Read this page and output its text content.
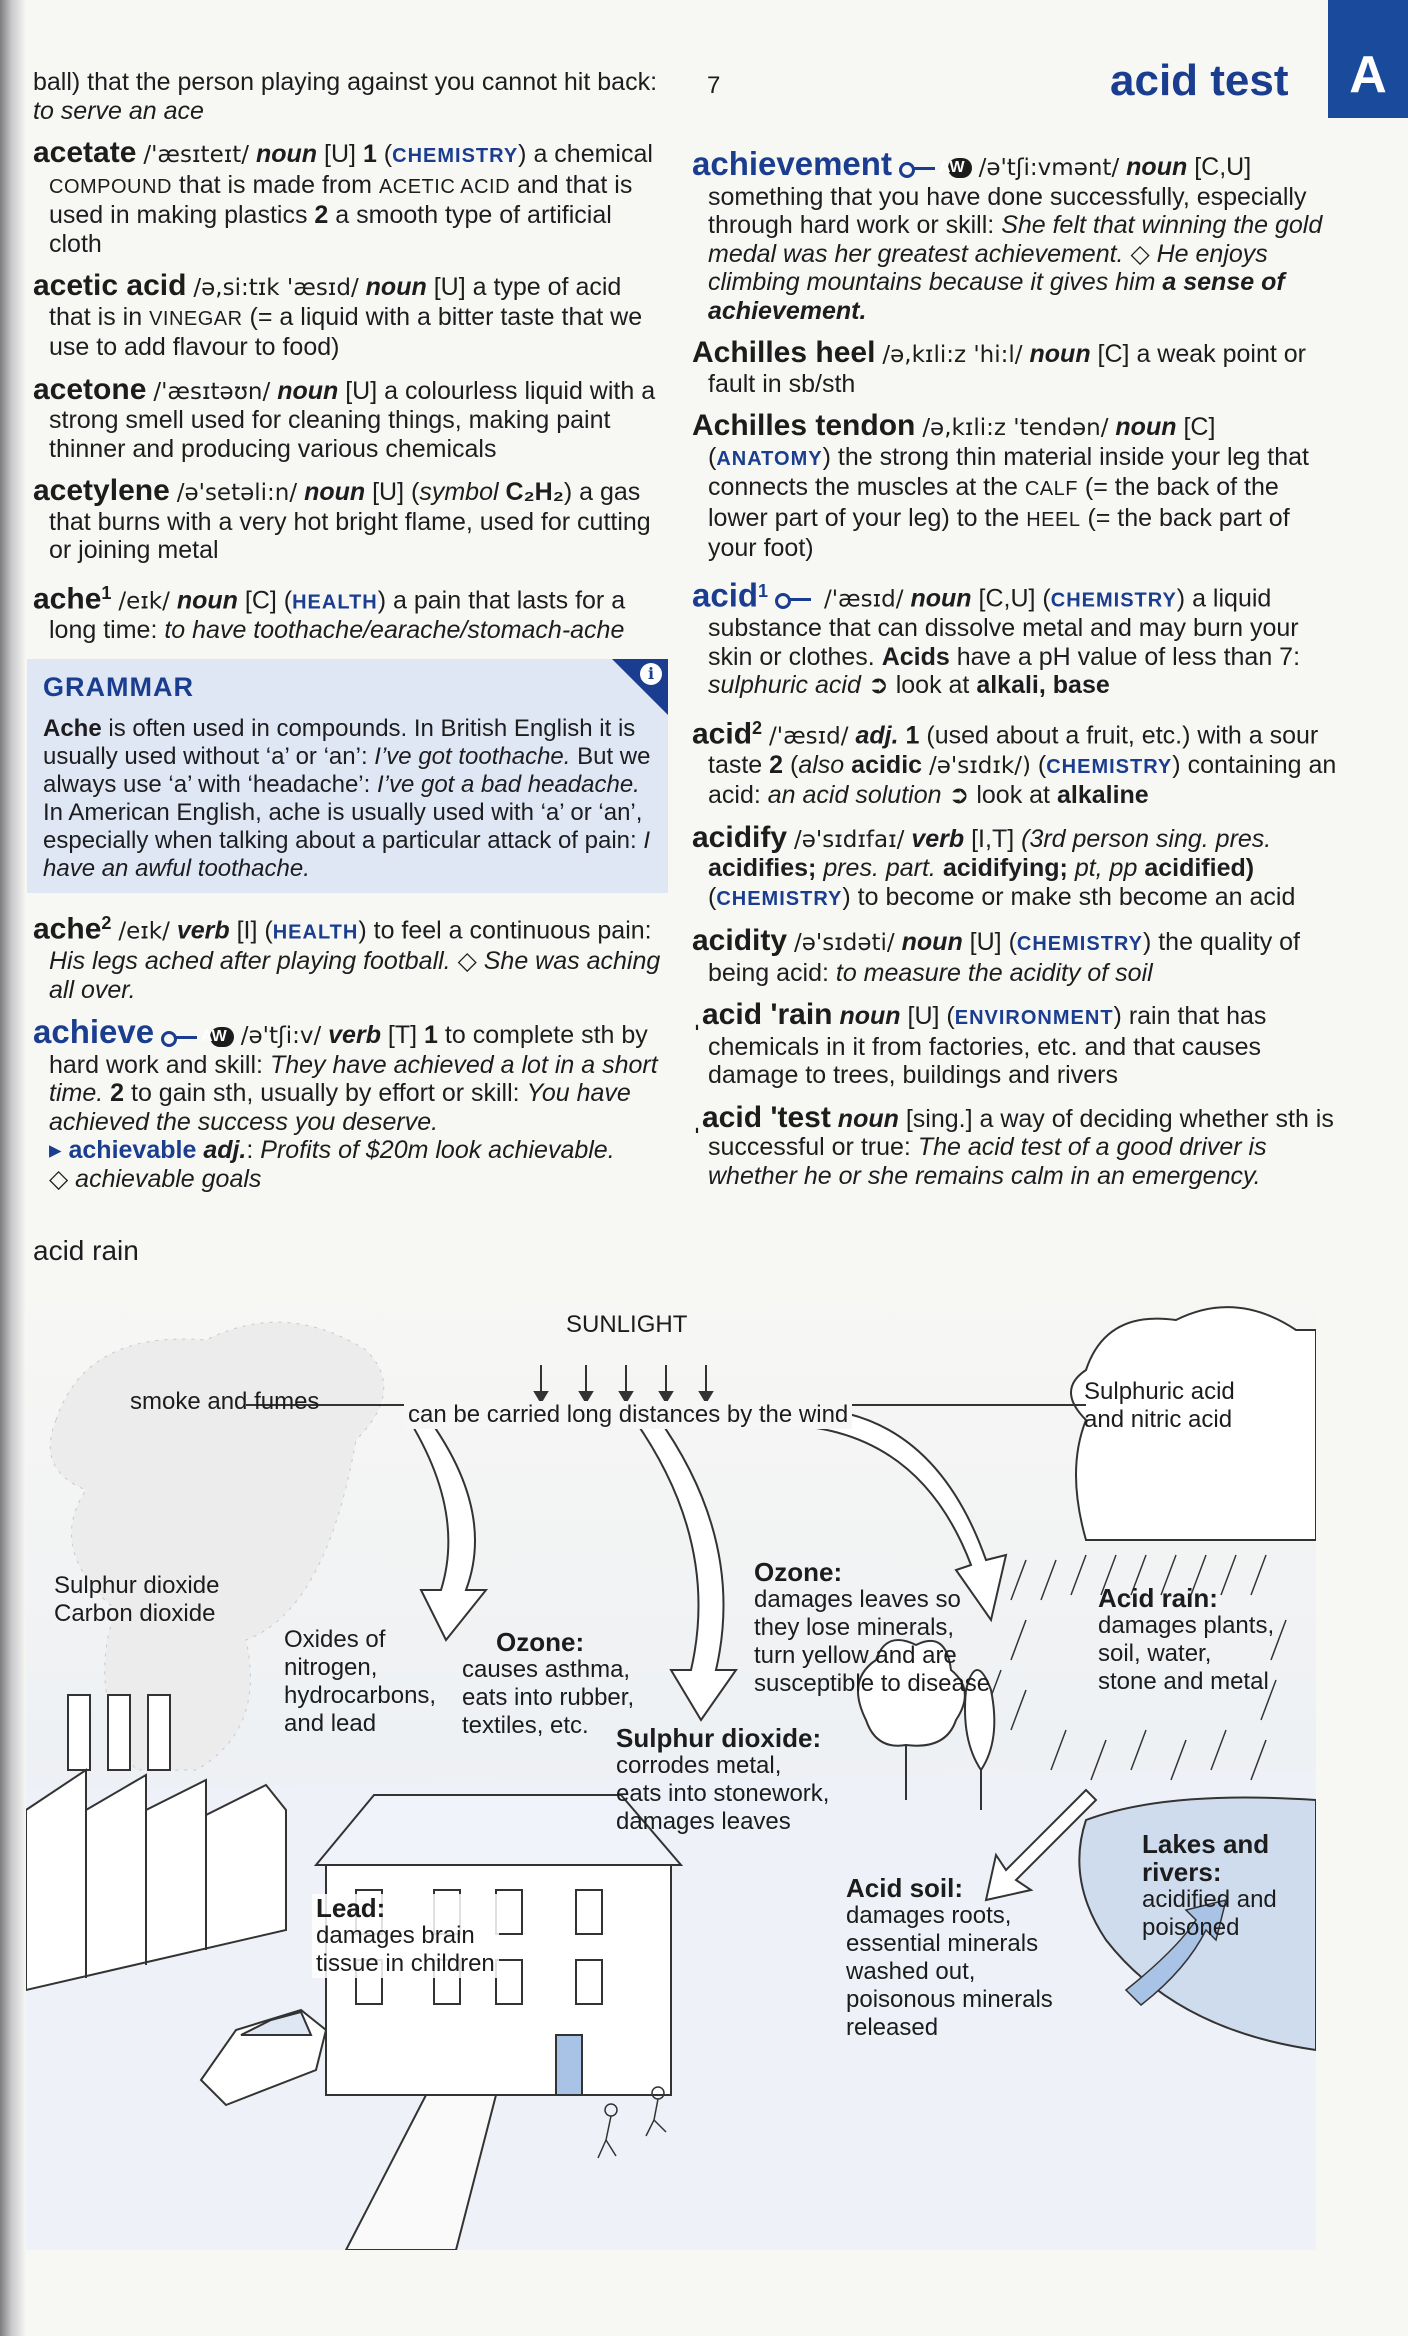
7	acid test	A
ball) that the person playing against you cannot hit back: to serve an ace
acetate /'æsɪteɪt/ noun [U] 1 (CHEMISTRY) a chemical COMPOUND that is made from ACETIC ACID and that is used in making plastics 2 a smooth type of artificial cloth
acetic acid /ə,si:tɪk 'æsɪd/ noun [U] a type of acid that is in VINEGAR (= a liquid with a bitter taste that we use to add flavour to food)
acetone /'æsɪtəʊn/ noun [U] a colourless liquid with a strong smell used for cleaning things, making paint thinner and producing various chemicals
acetylene /ə'setəli:n/ noun [U] (symbol C₂H₂) a gas that burns with a very hot bright flame, used for cutting or joining metal
ache$^1$ /eɪk/ noun [C] (HEALTH) a pain that lasts for a long time: to have toothache/earache/stomach-ache
i
GRAMMAR
Ache is often used in compounds. In British English it is usually used without ‘a’ or ‘an’: I’ve got toothache. But we always use ‘a’ with ‘headache’: I’ve got a bad headache. In American English, ache is usually used with ‘a’ or ‘an’, especially when talking about a particular attack of pain: I have an awful toothache.
ache$^2$ /eɪk/ verb [I] (HEALTH) to feel a continuous pain: His legs ached after playing football. ◇ She was aching all over.
achieve	AW /ə'tʃi:v/ verb [T] 1 to complete sth by hard work and skill: They have achieved a lot in a short time. 2 to gain sth, usually by effort or skill: You have achieved the success you deserve.
▸ achievable adj.: Profits of $20m look achievable.
◇ achievable goals
achievement	AW /ə'tʃi:vmənt/ noun [C,U] something that you have done successfully, especially through hard work or skill: She felt that winning the gold medal was her greatest achievement. ◇ He enjoys climbing mountains because it gives him a sense of achievement.
Achilles heel /ə,kɪli:z 'hi:l/ noun [C] a weak point or fault in sb/sth
Achilles tendon /ə,kɪli:z 'tendən/ noun [C] (ANATOMY) the strong thin material inside your leg that connects the muscles at the CALF (= the back of the lower part of your leg) to the HEEL (= the back part of your foot)
acid$^1$ /'æsɪd/ noun [C,U] (CHEMISTRY) a liquid substance that can dissolve metal and may burn your skin or clothes. Acids have a pH value of less than 7: sulphuric acid ➲ look at alkali, base
acid$^2$ /'æsɪd/ adj. 1 (used about a fruit, etc.) with a sour taste 2 (also acidic /ə'sɪdɪk/) (CHEMISTRY) containing an acid: an acid solution ➲ look at alkaline
acidify /ə'sɪdɪfaɪ/ verb [I,T] (3rd person sing. pres. acidifies; pres. part. acidifying; pt, pp acidified) (CHEMISTRY) to become or make sth become an acid
acidity /ə'sɪdəti/ noun [U] (CHEMISTRY) the quality of being acid: to measure the acidity of soil
ˌacid 'rain noun [U] (ENVIRONMENT) rain that has chemicals in it from factories, etc. and that causes damage to trees, buildings and rivers
ˌacid 'test noun [sing.] a way of deciding whether sth is successful or true: The acid test of a good driver is whether he or she remains calm in an emergency.
acid rain
SUNLIGHT
smoke and fumes	can be carried long distances by the wind
Sulphuric acid
and nitric acid
Sulphur dioxide
Carbon dioxide
Oxides of
nitrogen,
hydrocarbons,
and lead
Ozone:
causes asthma,
eats into rubber,
textiles, etc.
Ozone:
damages leaves so
they lose minerals,
turn yellow and are
susceptible to disease
Acid rain:
damages plants,
soil, water,
stone and metal
Sulphur dioxide:
corrodes metal,
eats into stonework,
damages leaves
Lead:
damages brain
tissue in children
Acid soil:
damages roots,
essential minerals
washed out,
poisonous minerals
released
Lakes and
rivers:
acidified and
poisoned
